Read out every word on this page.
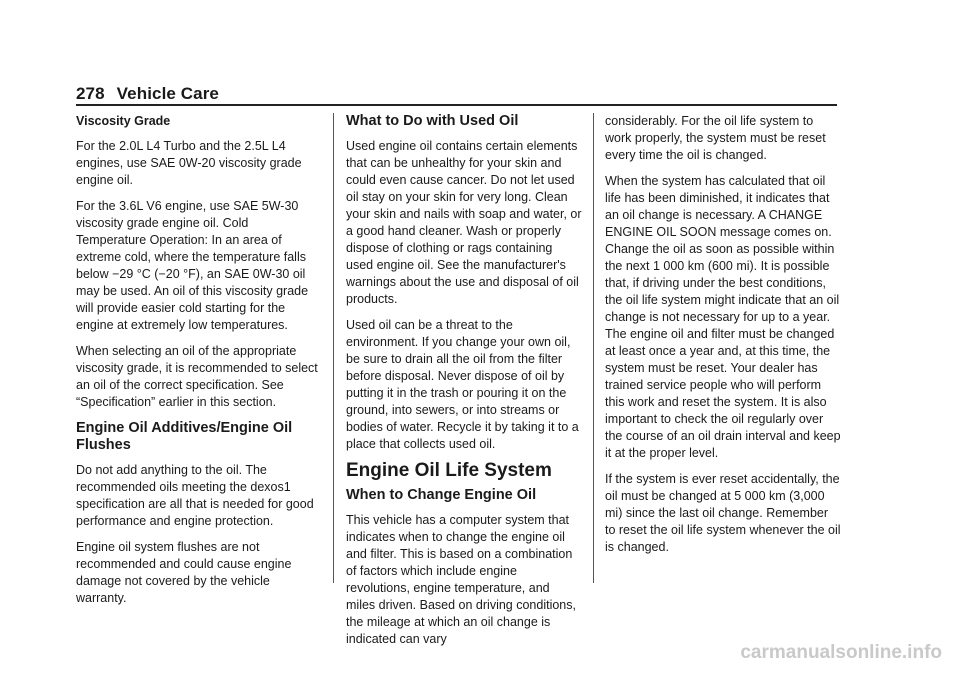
278 Vehicle Care
Viscosity Grade

For the 2.0L L4 Turbo and the 2.5L L4 engines, use SAE 0W-20 viscosity grade engine oil.

For the 3.6L V6 engine, use SAE 5W-30 viscosity grade engine oil. Cold Temperature Operation: In an area of extreme cold, where the temperature falls below −29 °C (−20 °F), an SAE 0W-30 oil may be used. An oil of this viscosity grade will provide easier cold starting for the engine at extremely low temperatures.

When selecting an oil of the appropriate viscosity grade, it is recommended to select an oil of the correct specification. See “Specification” earlier in this section.

Engine Oil Additives/Engine Oil Flushes

Do not add anything to the oil. The recommended oils meeting the dexos1 specification are all that is needed for good performance and engine protection.

Engine oil system flushes are not recommended and could cause engine damage not covered by the vehicle warranty.

What to Do with Used Oil

Used engine oil contains certain elements that can be unhealthy for your skin and could even cause cancer. Do not let used oil stay on your skin for very long. Clean your skin and nails with soap and water, or a good hand cleaner. Wash or properly dispose of clothing or rags containing used engine oil. See the manufacturer's warnings about the use and disposal of oil products.

Used oil can be a threat to the environment. If you change your own oil, be sure to drain all the oil from the filter before disposal. Never dispose of oil by putting it in the trash or pouring it on the ground, into sewers, or into streams or bodies of water. Recycle it by taking it to a place that collects used oil.

Engine Oil Life System
When to Change Engine Oil

This vehicle has a computer system that indicates when to change the engine oil and filter. This is based on a combination of factors which include engine revolutions, engine temperature, and miles driven. Based on driving conditions, the mileage at which an oil change is indicated can vary

considerably. For the oil life system to work properly, the system must be reset every time the oil is changed.

When the system has calculated that oil life has been diminished, it indicates that an oil change is necessary. A CHANGE ENGINE OIL SOON message comes on. Change the oil as soon as possible within the next 1 000 km (600 mi). It is possible that, if driving under the best conditions, the oil life system might indicate that an oil change is not necessary for up to a year. The engine oil and filter must be changed at least once a year and, at this time, the system must be reset. Your dealer has trained service people who will perform this work and reset the system. It is also important to check the oil regularly over the course of an oil drain interval and keep it at the proper level.

If the system is ever reset accidentally, the oil must be changed at 5 000 km (3,000 mi) since the last oil change. Remember to reset the oil life system whenever the oil is changed.

carmanualsonline.info
